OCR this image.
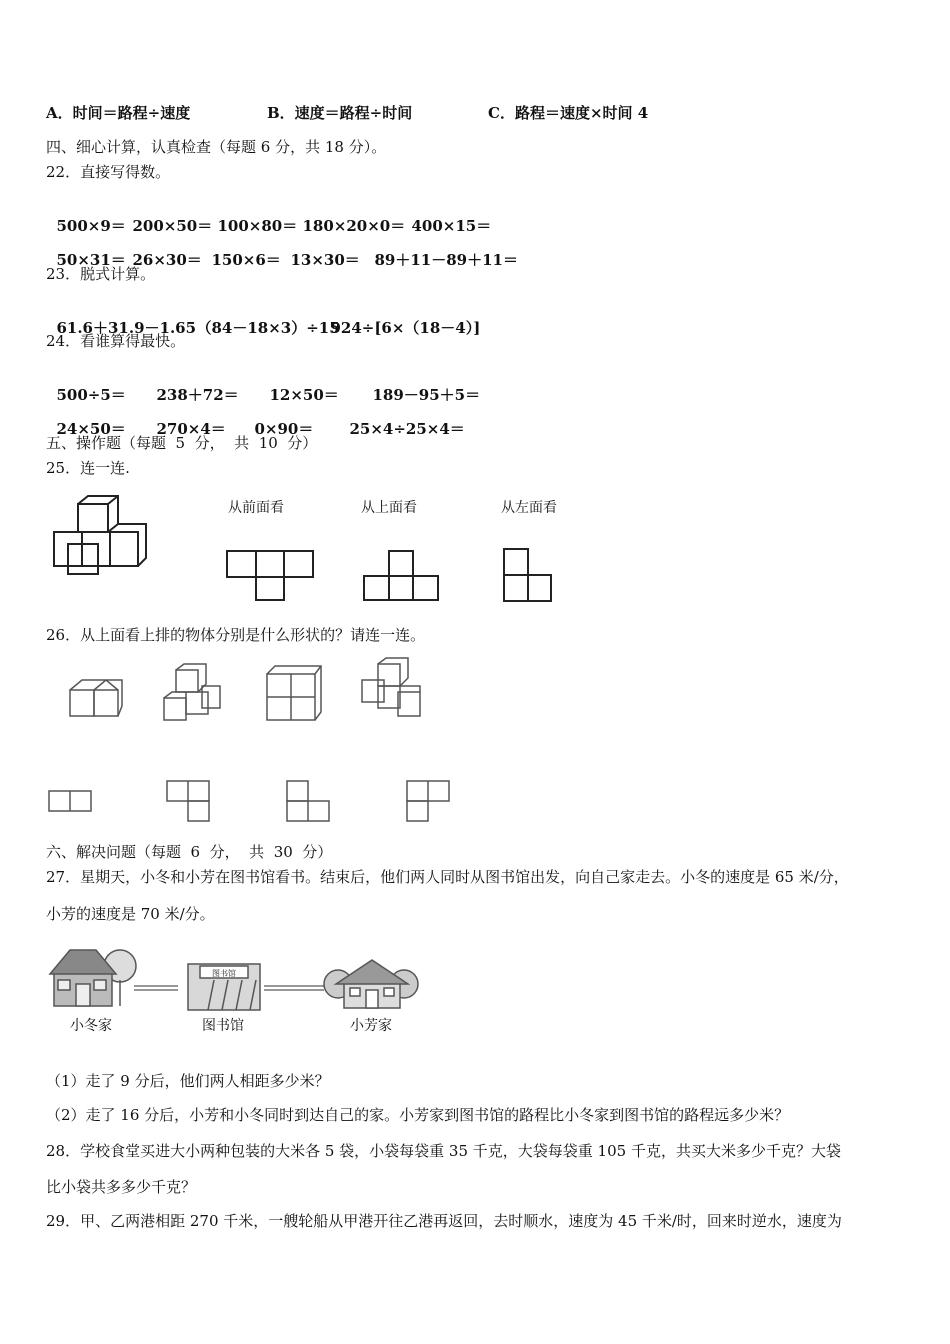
A．时间＝路程÷速度	B．速度＝路程÷时间	C．路程＝速度×时间 4
四、细心计算，认真检查（每题 6 分，共 18 分）。
22．直接写得数。

500×9＝ 200×50＝ 100×80＝ 180×20×0＝ 400×15＝

50×31＝ 26×30＝ 150×6＝ 13×30＝ 89＋11－89＋11＝

23．脱式计算。

61.6＋31.9－1.65（84－18×3）÷15924÷[6×（18－4）]

24．看谁算得最快。

500÷5＝ 238＋72＝ 12×50＝ 189－95＋5＝

24×50＝ 270×4＝ 0×90＝ 25×4÷25×4＝

五、操作题（每题  5  分，  共  10  分）
25．连一连.
从前面看	从上面看	从左面看
26．从上面看上排的物体分别是什么形状的？请连一连。
六、解决问题（每题  6  分，  共  30  分）
27．星期天，小冬和小芳在图书馆看书。结束后，他们两人同时从图书馆出发，向自己家走去。小冬的速度是 65 米/分，
小芳的速度是 70 米/分。
图书馆
小冬家	图书馆	小芳家
（1）走了 9 分后，他们两人相距多少米？
（2）走了 16 分后，小芳和小冬同时到达自己的家。小芳家到图书馆的路程比小冬家到图书馆的路程远多少米？
28．学校食堂买进大小两种包装的大米各 5 袋，小袋每袋重 35 千克，大袋每袋重 105 千克，共买大米多少千克？大袋
比小袋共多多少千克？
29．甲、乙两港相距 270 千米，一艘轮船从甲港开往乙港再返回，去时顺水，速度为 45 千米/时，回来时逆水，速度为
